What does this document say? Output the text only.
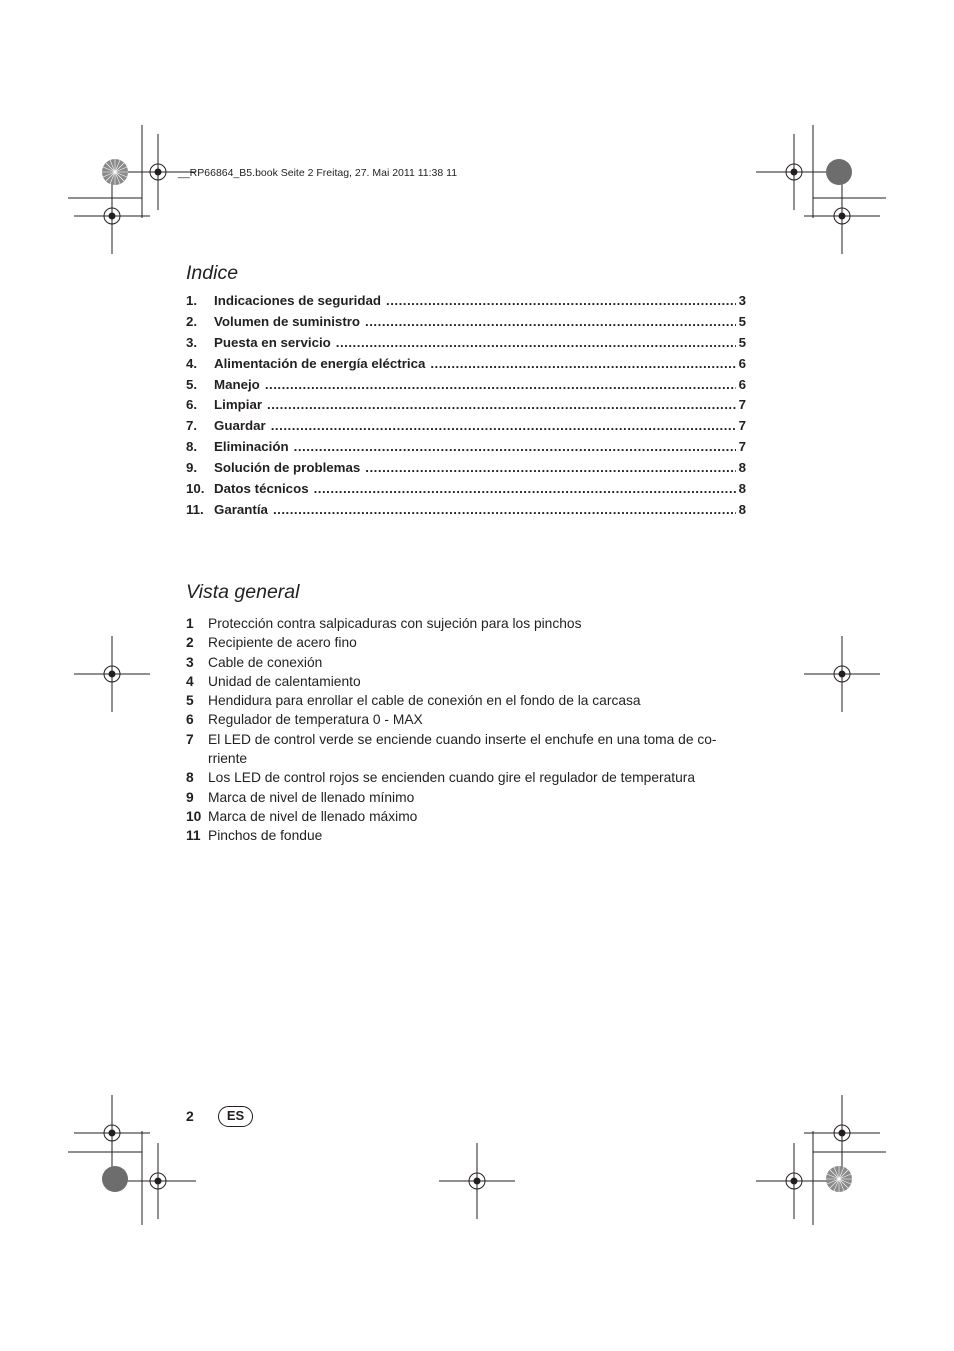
__RP66864_B5.book Seite 2 Freitag, 27. Mai 2011 11:38 11
Indice
1.	Indicaciones de seguridad .....	3
2.	Volumen de suministro .....	5
3.	Puesta en servicio .....	5
4.	Alimentación de energía eléctrica .....	6
5.	Manejo .....	6
6.	Limpiar .....	7
7.	Guardar .....	7
8.	Eliminación .....	7
9.	Solución de problemas .....	8
10. Datos técnicos .....	8
11. Garantía .....	8
Vista general
1	Protección contra salpicaduras con sujeción para los pinchos
2	Recipiente de acero fino
3	Cable de conexión
4	Unidad de calentamiento
5	Hendidura para enrollar el cable de conexión en el fondo de la carcasa
6	Regulador de temperatura 0 - MAX
7	El LED de control verde se enciende cuando inserte el enchufe en una toma de co-
rriente
8	Los LED de control rojos se encienden cuando gire el regulador de temperatura
9	Marca de nivel de llenado mínimo
10 Marca de nivel de llenado máximo
11 Pinchos de fondue
2	ES
